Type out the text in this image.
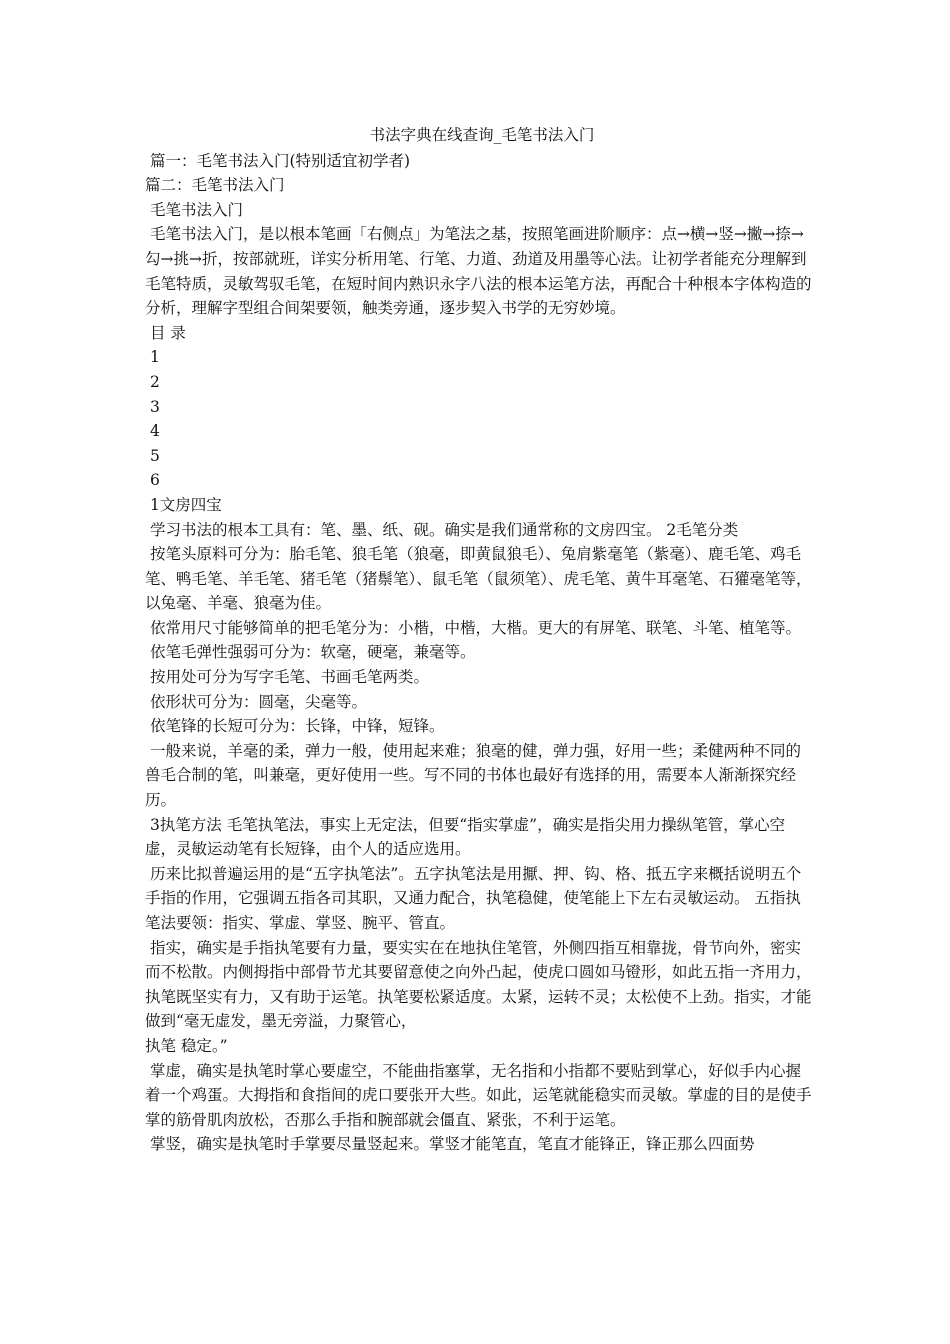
书法字典在线查询_毛笔书法入门

篇一：毛笔书法入门(特别适宜初学者)

篇二：毛笔书法入门

毛笔书法入门

毛笔书法入门，是以根本笔画「右侧点」为笔法之基，按照笔画进阶顺序：点→横→竖→撇→捺→勾→挑→折，按部就班，详实分析用笔、行笔、力道、劲道及用墨等心法。让初学者能充分理解到毛笔特质，灵敏驾驭毛笔，在短时间内熟识永字八法的根本运笔方法，再配合十种根本字体构造的分析，理解字型组合间架要领，触类旁通，逐步契入书学的无穷妙境。

目 录

1

2

3

4

5

6

1文房四宝

学习书法的根本工具有：笔、墨、纸、砚。确实是我们通常称的文房四宝。 2毛笔分类

按笔头原料可分为：胎毛笔、狼毛笔（狼毫，即黄鼠狼毛）、兔肩紫毫笔（紫毫）、鹿毛笔、鸡毛笔、鸭毛笔、羊毛笔、猪毛笔（猪鬃笔）、鼠毛笔（鼠须笔）、虎毛笔、黄牛耳毫笔、石獾毫笔等，以兔毫、羊毫、狼毫为佳。

依常用尺寸能够简单的把毛笔分为：小楷，中楷，大楷。更大的有屏笔、联笔、斗笔、植笔等。

依笔毛弹性强弱可分为：软毫，硬毫，兼毫等。

按用处可分为写字毛笔、书画毛笔两类。

依形状可分为：圆毫，尖毫等。

依笔锋的长短可分为：长锋，中锋，短锋。

一般来说，羊毫的柔，弹力一般，使用起来难；狼毫的健，弹力强，好用一些；柔健两种不同的兽毛合制的笔，叫兼毫，更好使用一些。写不同的书体也最好有选择的用，需要本人渐渐探究经历。

3执笔方法 毛笔执笔法，事实上无定法，但要“指实掌虚”，确实是指尖用力操纵笔管，掌心空虚，灵敏运动笔有长短锋，由个人的适应选用。

历来比拟普遍运用的是“五字执笔法”。五字执笔法是用擫、押、钩、格、抵五字来概括说明五个手指的作用，它强调五指各司其职，又通力配合，执笔稳健，使笔能上下左右灵敏运动。 五指执笔法要领：指实、掌虚、掌竖、腕平、管直。

指实，确实是手指执笔要有力量，要实实在在地执住笔管，外侧四指互相靠拢，骨节向外，密实而不松散。内侧拇指中部骨节尤其要留意使之向外凸起，使虎口圆如马镫形，如此五指一齐用力，执笔既坚实有力，又有助于运笔。执笔要松紧适度。太紧，运转不灵；太松使不上劲。指实，才能做到“毫无虚发，墨无旁溢，力聚管心，

执笔 稳定。”

掌虚，确实是执笔时掌心要虚空，不能曲指塞掌，无名指和小指都不要贴到掌心，好似手内心握着一个鸡蛋。大拇指和食指间的虎口要张开大些。如此，运笔就能稳实而灵敏。掌虚的目的是使手掌的筋骨肌肉放松，否那么手指和腕部就会僵直、紧张，不利于运笔。

掌竖，确实是执笔时手掌要尽量竖起来。掌竖才能笔直，笔直才能锋正，锋正那么四面势
